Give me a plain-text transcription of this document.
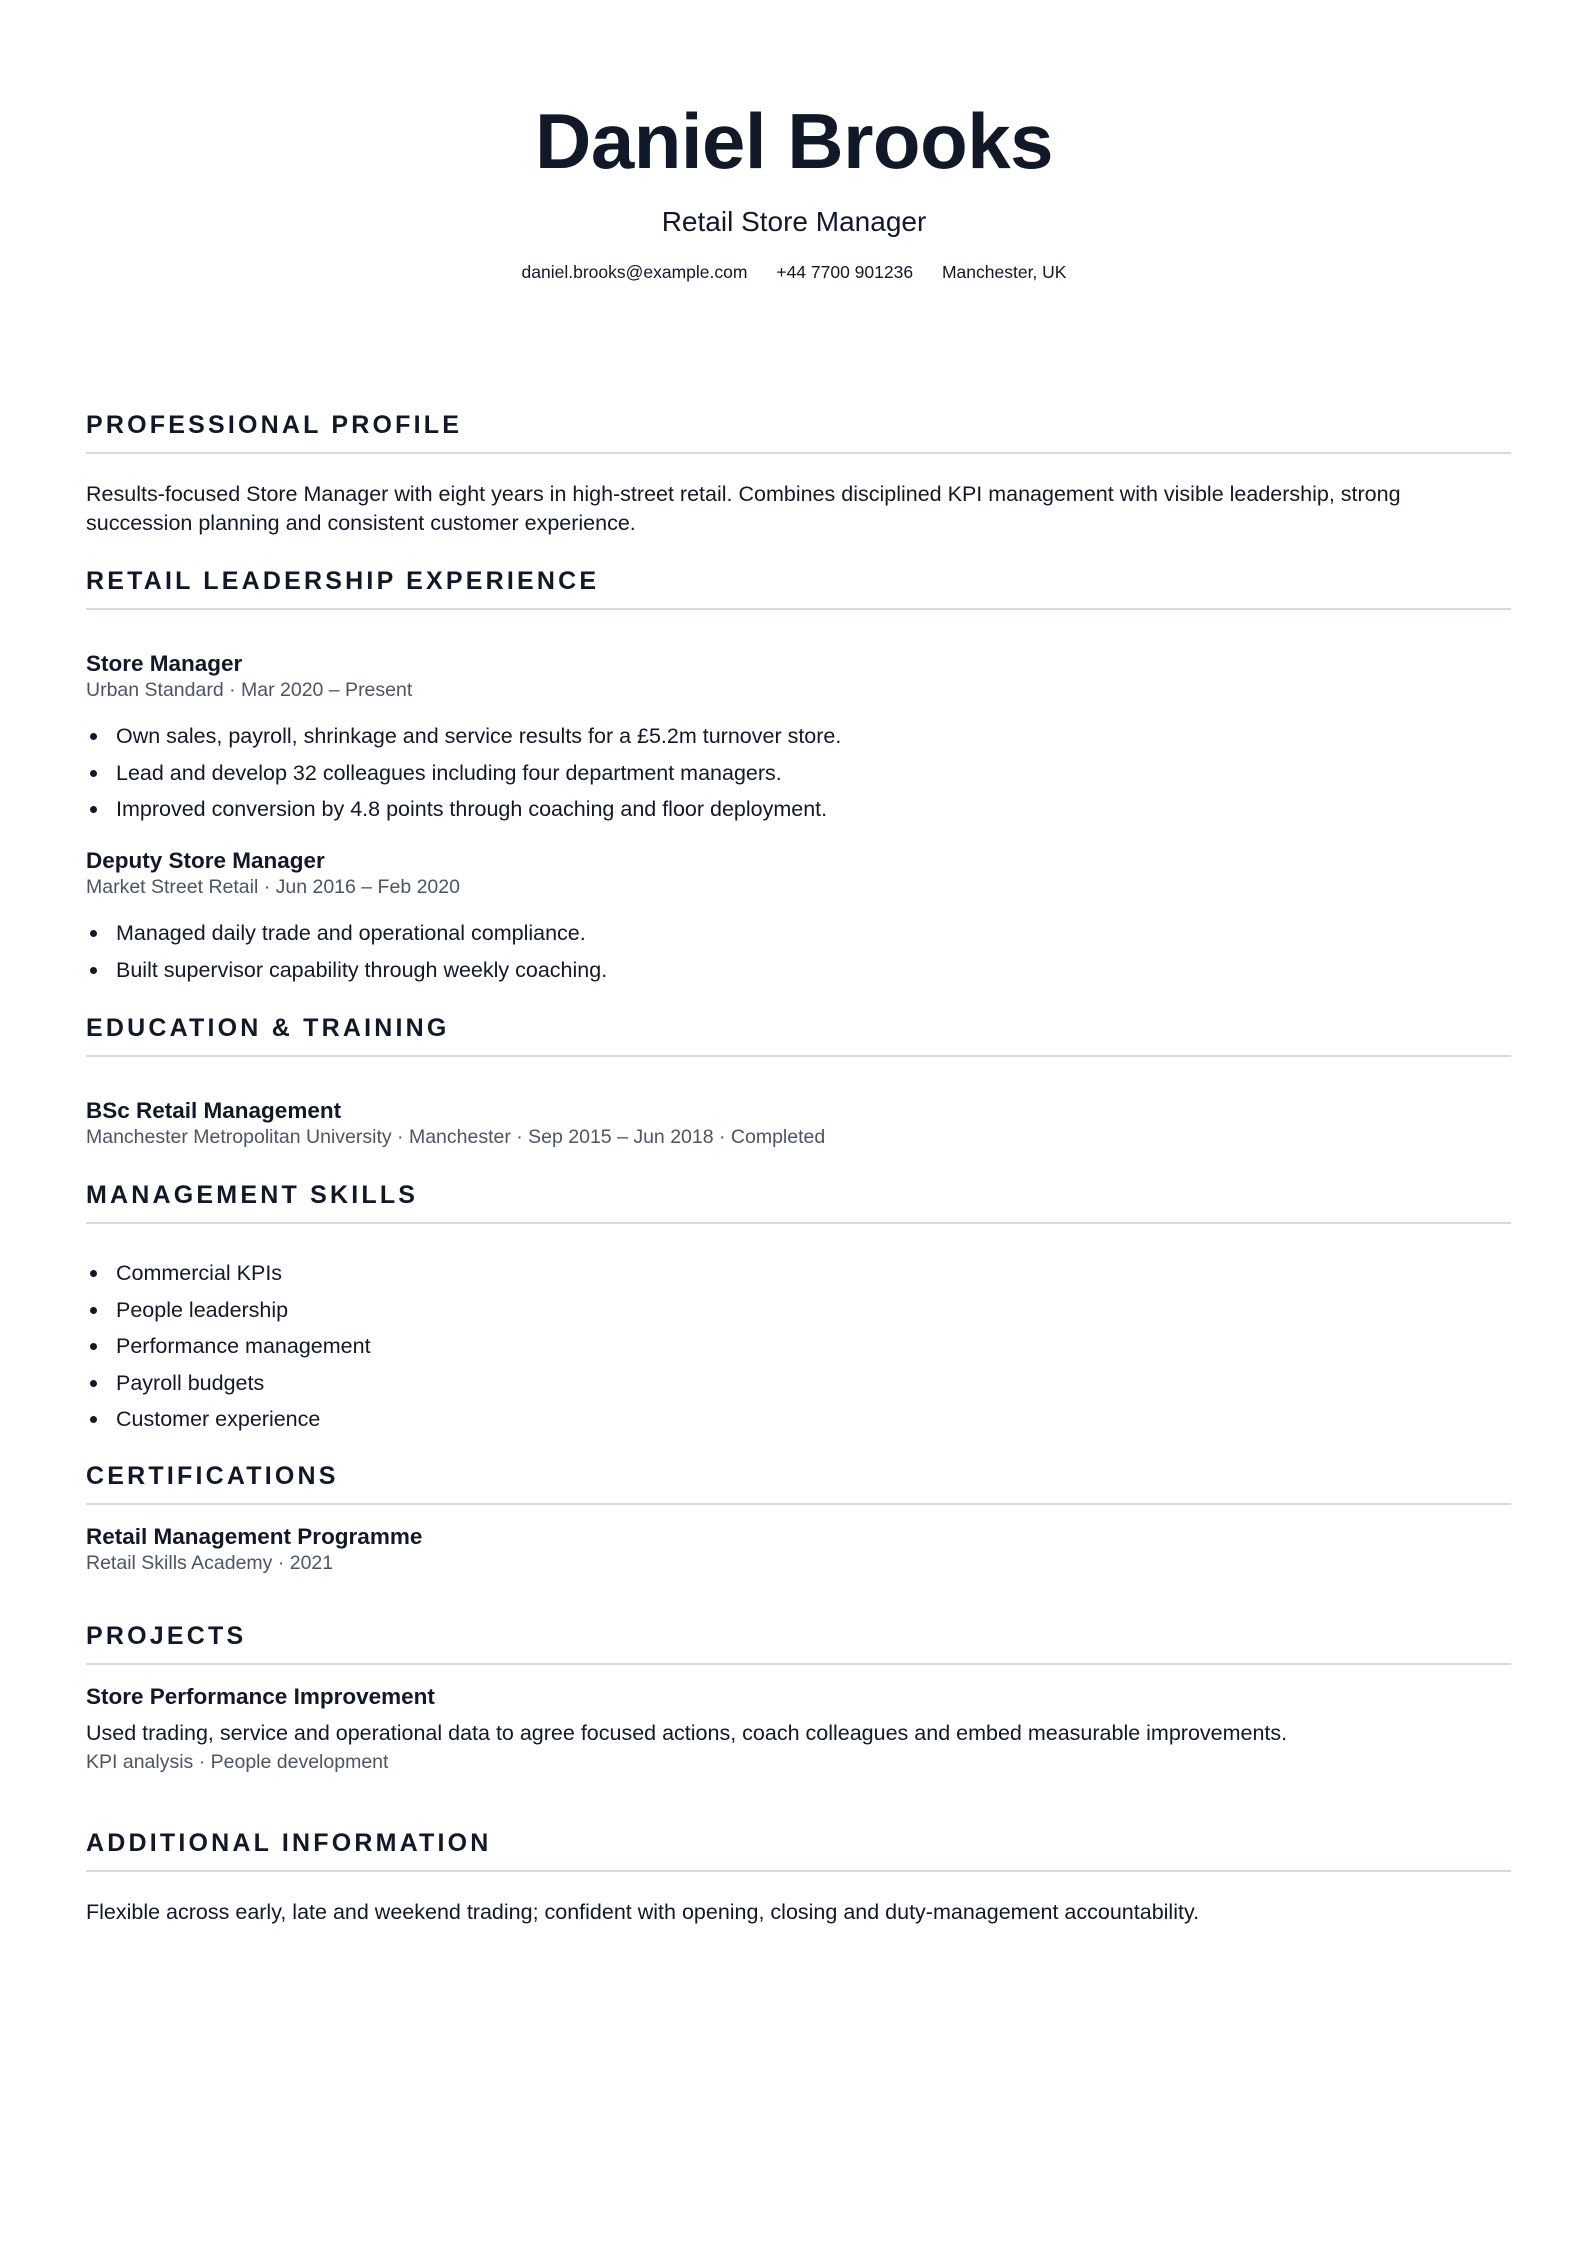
Daniel Brooks
Retail Store Manager
daniel.brooks@example.com +44 7700 901236 Manchester, UK
PROFESSIONAL PROFILE
Results-focused Store Manager with eight years in high-street retail. Combines disciplined KPI management with visible leadership, strong succession planning and consistent customer experience.
RETAIL LEADERSHIP EXPERIENCE
Store Manager
Urban Standard · Mar 2020 – Present
Own sales, payroll, shrinkage and service results for a £5.2m turnover store.
Lead and develop 32 colleagues including four department managers.
Improved conversion by 4.8 points through coaching and floor deployment.
Deputy Store Manager
Market Street Retail · Jun 2016 – Feb 2020
Managed daily trade and operational compliance.
Built supervisor capability through weekly coaching.
EDUCATION & TRAINING
BSc Retail Management
Manchester Metropolitan University · Manchester · Sep 2015 – Jun 2018 · Completed
MANAGEMENT SKILLS
Commercial KPIs
People leadership
Performance management
Payroll budgets
Customer experience
CERTIFICATIONS
Retail Management Programme
Retail Skills Academy · 2021
PROJECTS
Store Performance Improvement
Used trading, service and operational data to agree focused actions, coach colleagues and embed measurable improvements.
KPI analysis · People development
ADDITIONAL INFORMATION
Flexible across early, late and weekend trading; confident with opening, closing and duty-management accountability.
